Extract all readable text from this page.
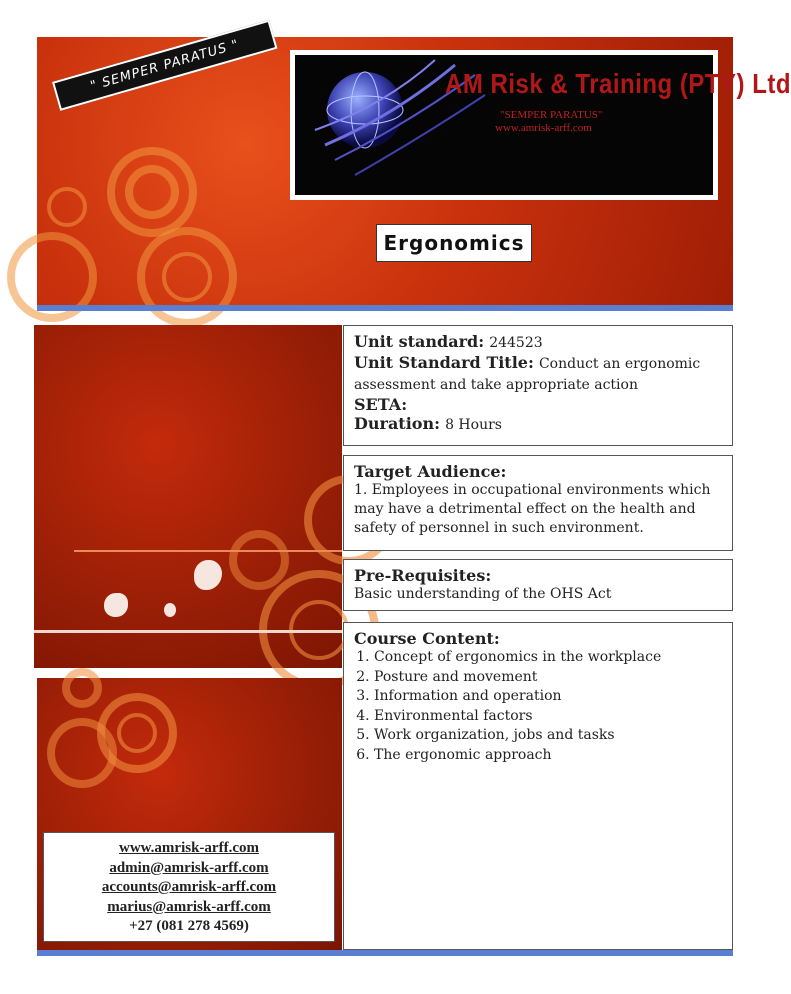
" SEMPER PARATUS "	AM Risk & Training (PTY) Ltd
"SEMPER PARATUS"
www.amrisk-arff.com
Ergonomics
www.amrisk-arff.com
admin@amrisk-arff.com
accounts@amrisk-arff.com
marius@amrisk-arff.com
+27 (081 278 4569)
Unit standard: 244523
Unit Standard Title: Conduct an ergonomic assessment and take appropriate action
SETA:
Duration: 8 Hours
Target Audience:
1. Employees in occupational environments which may have a detrimental effect on the health and safety of personnel in such environment.
Pre-Requisites:
Basic understanding of the OHS Act
Course Content:
1. Concept of ergonomics in the workplace
2. Posture and movement
3. Information and operation
4. Environmental factors
5. Work organization, jobs and tasks
6. The ergonomic approach
